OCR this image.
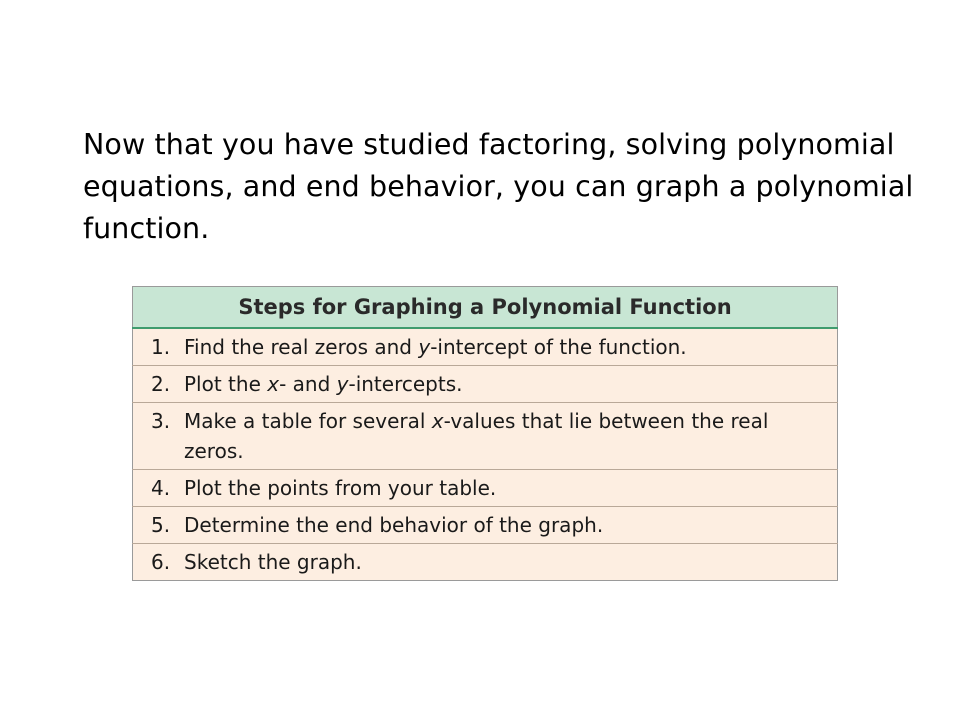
Now that you have studied factoring, solving polynomial equations, and end behavior, you can graph a polynomial function.

Steps for Graphing a Polynomial Function

1. Find the real zeros and y-intercept of the function.

2. Plot the x- and y-intercepts.

3. Make a table for several x-values that lie between the real zeros.

4. Plot the points from your table.

5. Determine the end behavior of the graph.

6. Sketch the graph.
